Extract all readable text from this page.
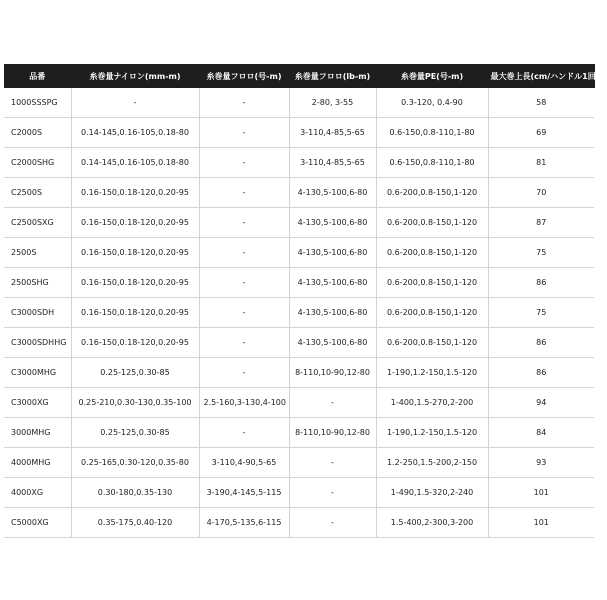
品番	糸巻量ナイロン(mm-m)	糸巻量フロロ(号-m)	糸巻量フロロ(lb-m)	糸巻量PE(号-m)	最大巻上長(cm/ハンドル1回転)
1000SSSPG	-	-	2-80, 3-55	0.3-120, 0.4-90	58
C2000S	0.14-145,0.16-105,0.18-80	-	3-110,4-85,5-65	0.6-150,0.8-110,1-80	69
C2000SHG	0.14-145,0.16-105,0.18-80	-	3-110,4-85,5-65	0.6-150,0.8-110,1-80	81
C2500S	0.16-150,0.18-120,0.20-95	-	4-130,5-100,6-80	0.6-200,0.8-150,1-120	70
C2500SXG	0.16-150,0.18-120,0.20-95	-	4-130,5-100,6-80	0.6-200,0.8-150,1-120	87
2500S	0.16-150,0.18-120,0.20-95	-	4-130,5-100,6-80	0.6-200,0.8-150,1-120	75
2500SHG	0.16-150,0.18-120,0.20-95	-	4-130,5-100,6-80	0.6-200,0.8-150,1-120	86
C3000SDH	0.16-150,0.18-120,0.20-95	-	4-130,5-100,6-80	0.6-200,0.8-150,1-120	75
C3000SDHHG	0.16-150,0.18-120,0.20-95	-	4-130,5-100,6-80	0.6-200,0.8-150,1-120	86
C3000MHG	0.25-125,0.30-85	-	8-110,10-90,12-80	1-190,1.2-150,1.5-120	86
C3000XG	0.25-210,0.30-130,0.35-100	2.5-160,3-130,4-100	-	1-400,1.5-270,2-200	94
3000MHG	0.25-125,0.30-85	-	8-110,10-90,12-80	1-190,1.2-150,1.5-120	84
4000MHG	0.25-165,0.30-120,0.35-80	3-110,4-90,5-65	-	1.2-250,1.5-200,2-150	93
4000XG	0.30-180,0.35-130	3-190,4-145,5-115	-	1-490,1.5-320,2-240	101
C5000XG	0.35-175,0.40-120	4-170,5-135,6-115	-	1.5-400,2-300,3-200	101
